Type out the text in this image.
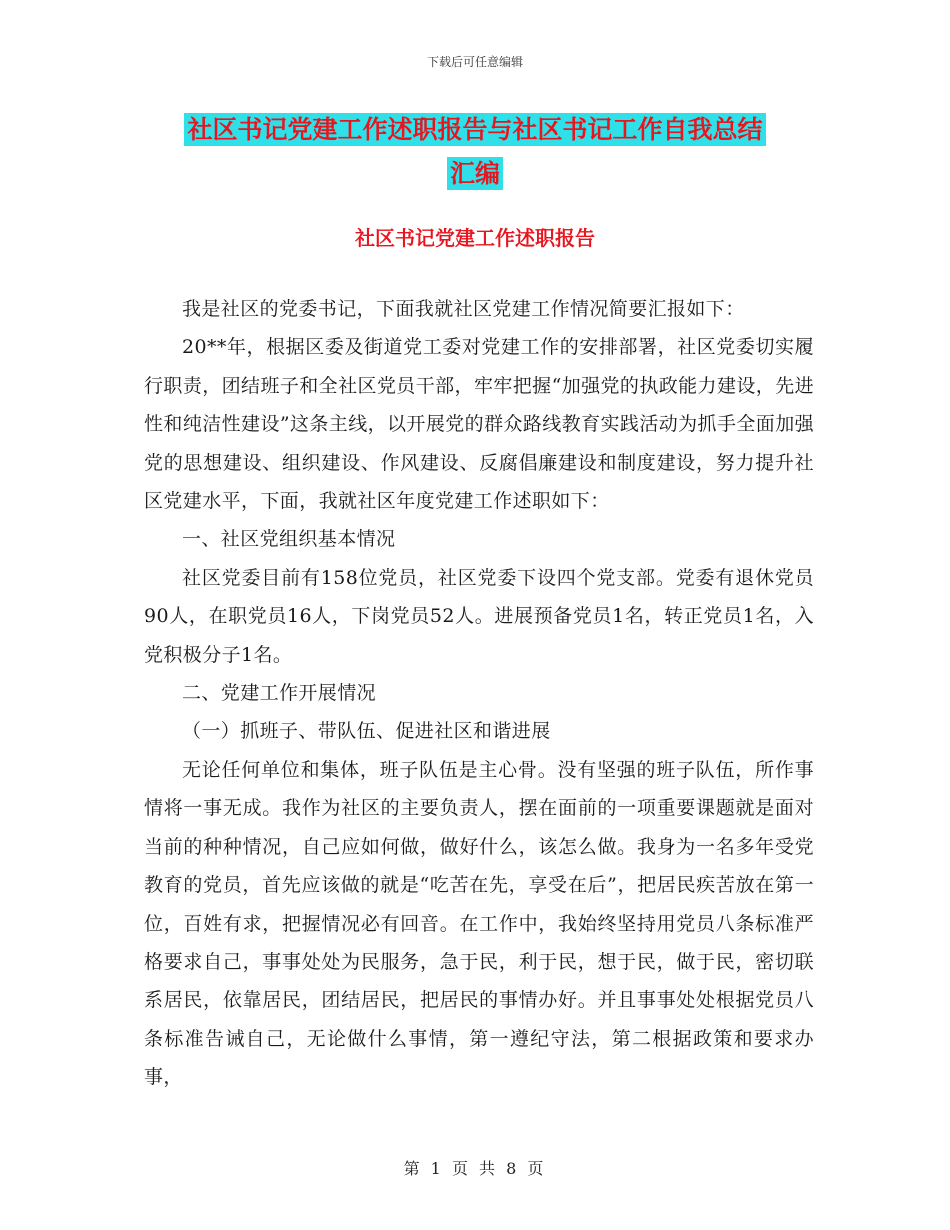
下载后可任意编辑
社区书记党建工作述职报告与社区书记工作自我总结
汇编
社区书记党建工作述职报告

我是社区的党委书记，下面我就社区党建工作情况简要汇报如下：

20**年，根据区委及街道党工委对党建工作的安排部署，社区党委切实履行职责，团结班子和全社区党员干部，牢牢把握“加强党的执政能力建设，先进性和纯洁性建设”这条主线，以开展党的群众路线教育实践活动为抓手全面加强党的思想建设、组织建设、作风建设、反腐倡廉建设和制度建设，努力提升社区党建水平，下面，我就社区年度党建工作述职如下：

一、社区党组织基本情况

社区党委目前有158位党员，社区党委下设四个党支部。党委有退休党员90人，在职党员16人，下岗党员52人。进展预备党员1名，转正党员1名，入党积极分子1名。

二、党建工作开展情况

（一）抓班子、带队伍、促进社区和谐进展

无论任何单位和集体，班子队伍是主心骨。没有坚强的班子队伍，所作事情将一事无成。我作为社区的主要负责人，摆在面前的一项重要课题就是面对当前的种种情况，自己应如何做，做好什么，该怎么做。我身为一名多年受党教育的党员，首先应该做的就是“吃苦在先，享受在后”，把居民疾苦放在第一位，百姓有求，把握情况必有回音。在工作中，我始终坚持用党员八条标准严格要求自己，事事处处为民服务，急于民，利于民，想于民，做于民，密切联系居民，依靠居民，团结居民，把居民的事情办好。并且事事处处根据党员八条标准告诫自己，无论做什么事情，第一遵纪守法，第二根据政策和要求办事，

第 1 页 共 8 页
